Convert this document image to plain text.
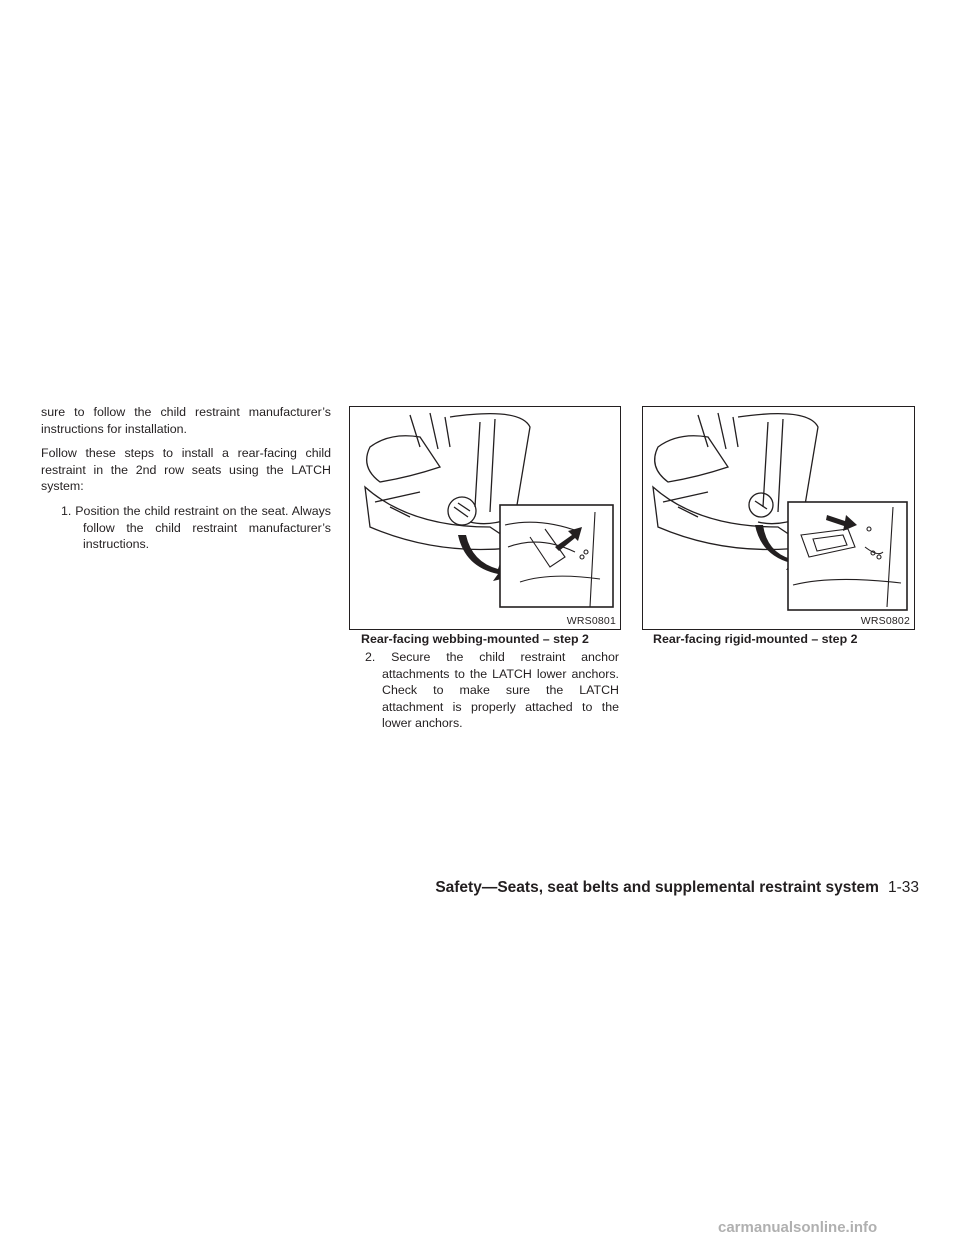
sure to follow the child restraint manufacturer’s instructions for installation.

Follow these steps to install a rear-facing child restraint in the 2nd row seats using the LATCH system:

1. Position the child restraint on the seat. Always follow the child restraint manufacturer’s instructions.

WRS0801
Rear-facing webbing-mounted – step 2
WRS0802
Rear-facing rigid-mounted – step 2

2. Secure the child restraint anchor attachments to the LATCH lower anchors. Check to make sure the LATCH attachment is properly attached to the lower anchors.

Safety—Seats, seat belts and supplemental restraint system 1-33
carmanualsonline.info
